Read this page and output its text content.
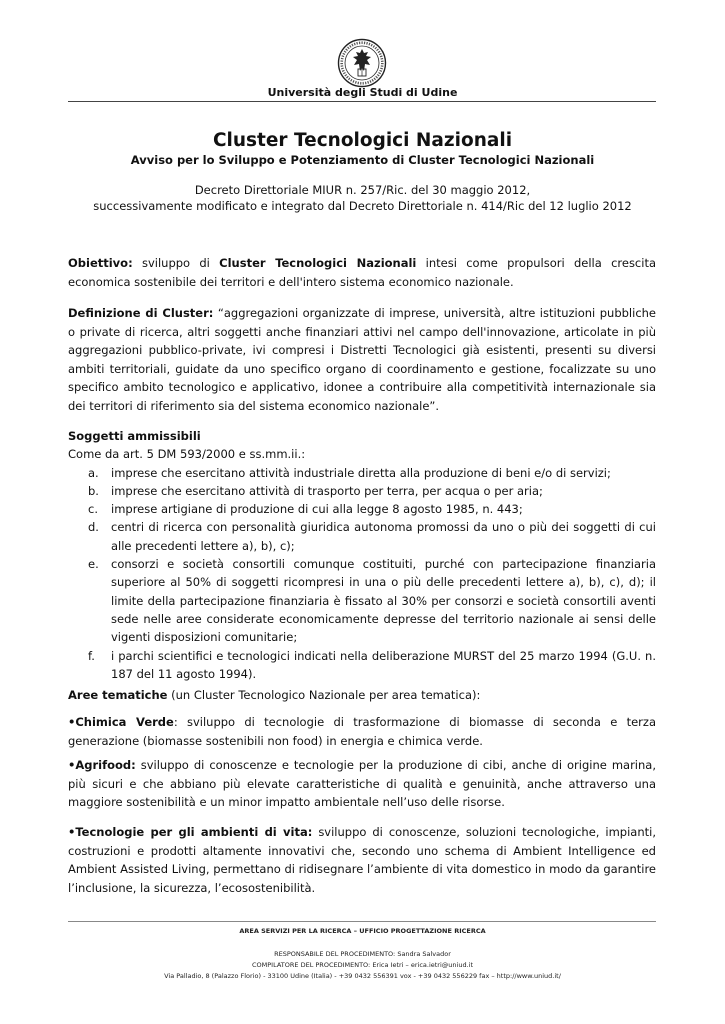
Università degli Studi di Udine
Cluster Tecnologici Nazionali
Avviso per lo Sviluppo e Potenziamento di Cluster Tecnologici Nazionali
Decreto Direttoriale MIUR n. 257/Ric. del 30 maggio 2012,
successivamente modificato e integrato dal Decreto Direttoriale n. 414/Ric del 12 luglio 2012
Obiettivo: sviluppo di Cluster Tecnologici Nazionali intesi come propulsori della crescita economica sostenibile dei territori e dell'intero sistema economico nazionale.
Definizione di Cluster: “aggregazioni organizzate di imprese, università, altre istituzioni pubbliche o private di ricerca, altri soggetti anche finanziari attivi nel campo dell'innovazione, articolate in più aggregazioni pubblico-private, ivi compresi i Distretti Tecnologici già esistenti, presenti su diversi ambiti territoriali, guidate da uno specifico organo di coordinamento e gestione, focalizzate su uno specifico ambito tecnologico e applicativo, idonee a contribuire alla competitività internazionale sia dei territori di riferimento sia del sistema economico nazionale”.
Soggetti ammissibili
Come da art. 5 DM 593/2000 e ss.mm.ii.:
a. imprese che esercitano attività industriale diretta alla produzione di beni e/o di servizi;
b. imprese che esercitano attività di trasporto per terra, per acqua o per aria;
c. imprese artigiane di produzione di cui alla legge 8 agosto 1985, n. 443;
d. centri di ricerca con personalità giuridica autonoma promossi da uno o più dei soggetti di cui alle precedenti lettere a), b), c);
e. consorzi e società consortili comunque costituiti, purché con partecipazione finanziaria superiore al 50% di soggetti ricompresi in una o più delle precedenti lettere a), b), c), d); il limite della partecipazione finanziaria è fissato al 30% per consorzi e società consortili aventi sede nelle aree considerate economicamente depresse del territorio nazionale ai sensi delle vigenti disposizioni comunitarie;
f. i parchi scientifici e tecnologici indicati nella deliberazione MURST del 25 marzo 1994 (G.U. n. 187 del 11 agosto 1994).
Aree tematiche (un Cluster Tecnologico Nazionale per area tematica):
•Chimica Verde: sviluppo di tecnologie di trasformazione di biomasse di seconda e terza generazione (biomasse sostenibili non food) in energia e chimica verde.
•Agrifood: sviluppo di conoscenze e tecnologie per la produzione di cibi, anche di origine marina, più sicuri e che abbiano più elevate caratteristiche di qualità e genuinità, anche attraverso una maggiore sostenibilità e un minor impatto ambientale nell’uso delle risorse.
•Tecnologie per gli ambienti di vita: sviluppo di conoscenze, soluzioni tecnologiche, impianti, costruzioni e prodotti altamente innovativi che, secondo uno schema di Ambient Intelligence ed Ambient Assisted Living, permettano di ridisegnare l’ambiente di vita domestico in modo da garantire l’inclusione, la sicurezza, l’ecosostenibilità.
AREA SERVIZI PER LA RICERCA – UFFICIO PROGETTAZIONE RICERCA
RESPONSABILE DEL PROCEDIMENTO: Sandra Salvador
COMPILATORE DEL PROCEDIMENTO: Erica Ietri – erica.ietri@uniud.it
Via Palladio, 8 (Palazzo Florio) - 33100 Udine (Italia) - +39 0432 556391 vox - +39 0432 556229 fax – http://www.uniud.it/
